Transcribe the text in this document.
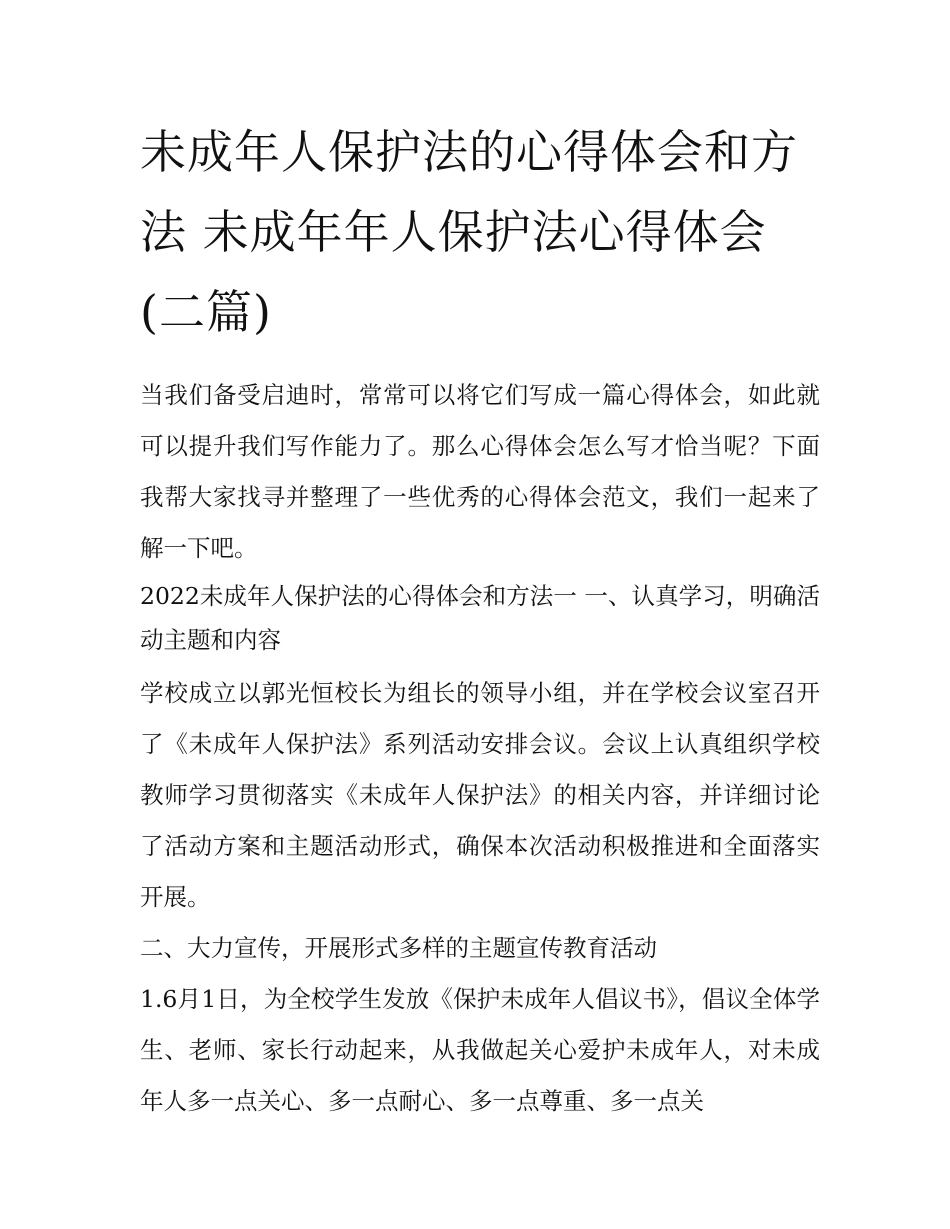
未成年人保护法的心得体会和方法 未成年年人保护法心得体会(二篇)

当我们备受启迪时，常常可以将它们写成一篇心得体会，如此就可以提升我们写作能力了。那么心得体会怎么写才恰当呢？下面我帮大家找寻并整理了一些优秀的心得体会范文，我们一起来了解一下吧。

2022未成年人保护法的心得体会和方法一 一、认真学习，明确活动主题和内容

学校成立以郭光恒校长为组长的领导小组，并在学校会议室召开了《未成年人保护法》系列活动安排会议。会议上认真组织学校教师学习贯彻落实《未成年人保护法》的相关内容，并详细讨论了活动方案和主题活动形式，确保本次活动积极推进和全面落实开展。

二、大力宣传，开展形式多样的主题宣传教育活动

1.6月1日，为全校学生发放《保护未成年人倡议书》，倡议全体学生、老师、家长行动起来，从我做起关心爱护未成年人，对未成年人多一点关心、多一点耐心、多一点尊重、多一点关
